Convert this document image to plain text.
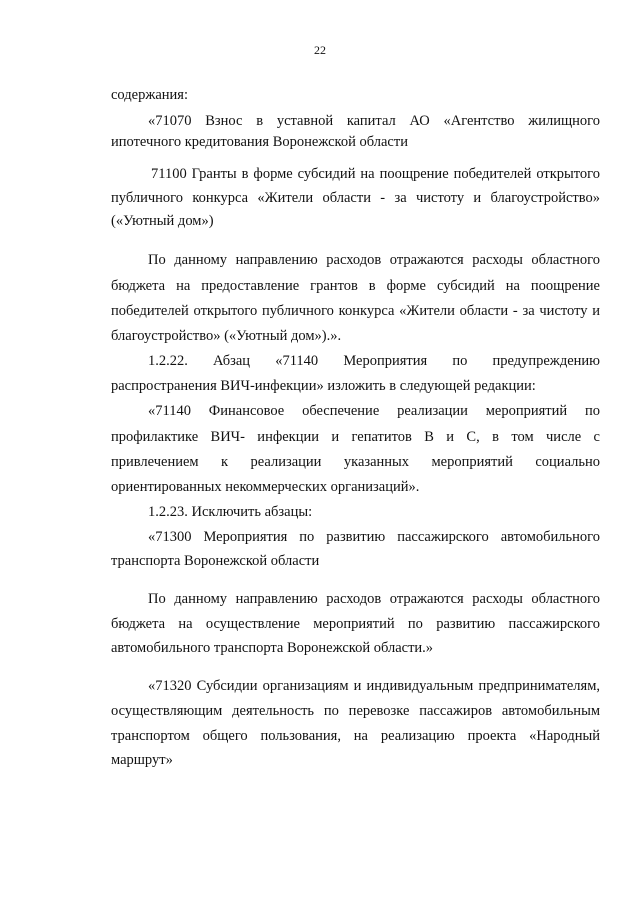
22
содержания:
«71070 Взнос в уставной капитал АО «Агентство жилищного
ипотечного кредитования Воронежской области
71100 Гранты в форме субсидий на поощрение победителей открытого
публичного конкурса «Жители области - за чистоту и благоустройство»
(«Уютный дом»)
По данному направлению расходов отражаются расходы областного
бюджета на предоставление грантов в форме субсидий на поощрение
победителей открытого публичного конкурса «Жители области - за чистоту и
благоустройство» («Уютный дом»).».
1.2.22. Абзац «71140 Мероприятия по предупреждению
распространения ВИЧ-инфекции» изложить в следующей редакции:
«71140 Финансовое обеспечение реализации мероприятий по
профилактике ВИЧ- инфекции и гепатитов В и С, в том числе с
привлечением к реализации указанных мероприятий социально
ориентированных некоммерческих организаций».
1.2.23. Исключить абзацы:
«71300 Мероприятия по развитию пассажирского автомобильного
транспорта Воронежской области
По данному направлению расходов отражаются расходы областного
бюджета на осуществление мероприятий по развитию пассажирского
автомобильного транспорта Воронежской области.»
«71320 Субсидии организациям и индивидуальным предпринимателям,
осуществляющим деятельность по перевозке пассажиров автомобильным
транспортом общего пользования, на реализацию проекта «Народный
маршрут»
